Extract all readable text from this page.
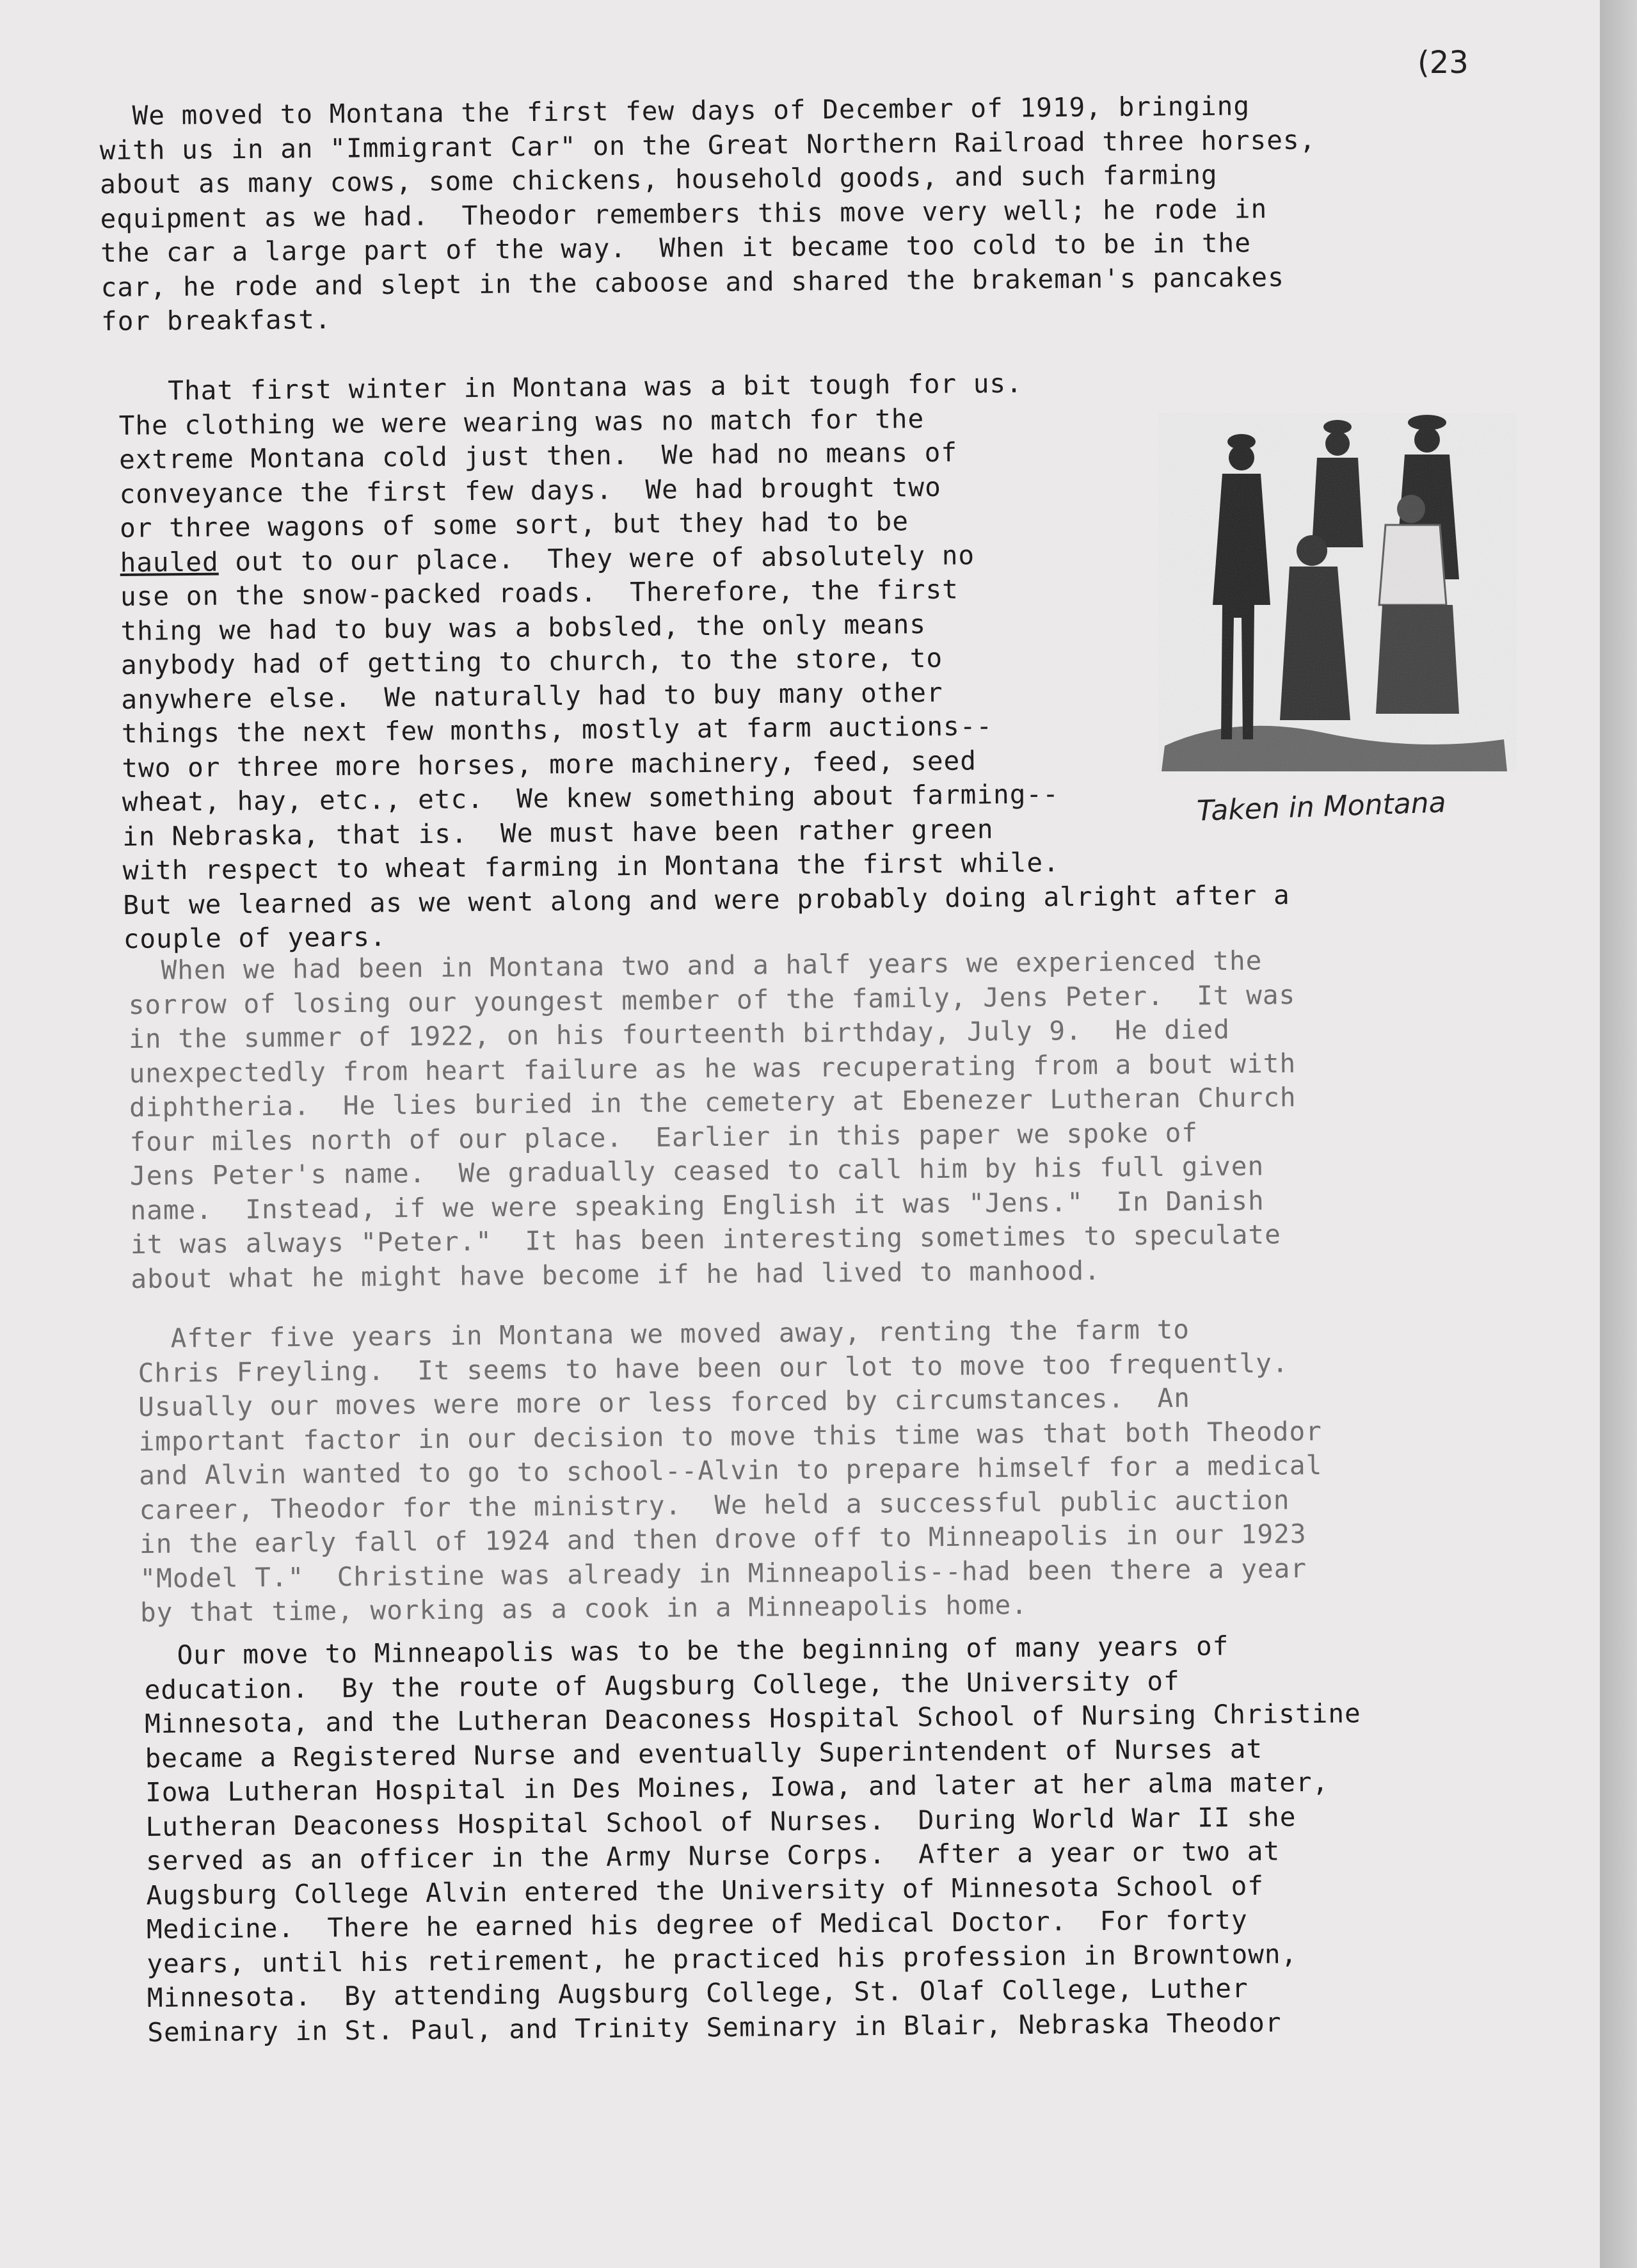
(23

We moved to Montana the first few days of December of 1919, bringing
with us in an "Immigrant Car" on the Great Northern Railroad three horses,
about as many cows, some chickens, household goods, and such farming
equipment as we had.  Theodor remembers this move very well; he rode in
the car a large part of the way.  When it became too cold to be in the
car, he rode and slept in the caboose and shared the brakeman's pancakes
for breakfast.

That first winter in Montana was a bit tough for us.
The clothing we were wearing was no match for the
extreme Montana cold just then.  We had no means of
conveyance the first few days.  We had brought two
or three wagons of some sort, but they had to be
hauled out to our place.  They were of absolutely no
use on the snow-packed roads.  Therefore, the first
thing we had to buy was a bobsled, the only means
anybody had of getting to church, to the store, to
anywhere else.  We naturally had to buy many other
things the next few months, mostly at farm auctions--
two or three more horses, more machinery, feed, seed
wheat, hay, etc., etc.  We knew something about farming--
in Nebraska, that is.  We must have been rather green
with respect to wheat farming in Montana the first while.
But we learned as we went along and were probably doing alright after a
couple of years.

When we had been in Montana two and a half years we experienced the
sorrow of losing our youngest member of the family, Jens Peter.  It was
in the summer of 1922, on his fourteenth birthday, July 9.  He died
unexpectedly from heart failure as he was recuperating from a bout with
diphtheria.  He lies buried in the cemetery at Ebenezer Lutheran Church
four miles north of our place.  Earlier in this paper we spoke of
Jens Peter's name.  We gradually ceased to call him by his full given
name.  Instead, if we were speaking English it was "Jens."  In Danish
it was always "Peter."  It has been interesting sometimes to speculate
about what he might have become if he had lived to manhood.

After five years in Montana we moved away, renting the farm to
Chris Freyling.  It seems to have been our lot to move too frequently.
Usually our moves were more or less forced by circumstances.  An
important factor in our decision to move this time was that both Theodor
and Alvin wanted to go to school--Alvin to prepare himself for a medical
career, Theodor for the ministry.  We held a successful public auction
in the early fall of 1924 and then drove off to Minneapolis in our 1923
"Model T."  Christine was already in Minneapolis--had been there a year
by that time, working as a cook in a Minneapolis home.

Our move to Minneapolis was to be the beginning of many years of
education.  By the route of Augsburg College, the University of
Minnesota, and the Lutheran Deaconess Hospital School of Nursing Christine
became a Registered Nurse and eventually Superintendent of Nurses at
Iowa Lutheran Hospital in Des Moines, Iowa, and later at her alma mater,
Lutheran Deaconess Hospital School of Nurses.  During World War II she
served as an officer in the Army Nurse Corps.  After a year or two at
Augsburg College Alvin entered the University of Minnesota School of
Medicine.  There he earned his degree of Medical Doctor.  For forty
years, until his retirement, he practiced his profession in Browntown,
Minnesota.  By attending Augsburg College, St. Olaf College, Luther
Seminary in St. Paul, and Trinity Seminary in Blair, Nebraska Theodor

Taken in Montana
